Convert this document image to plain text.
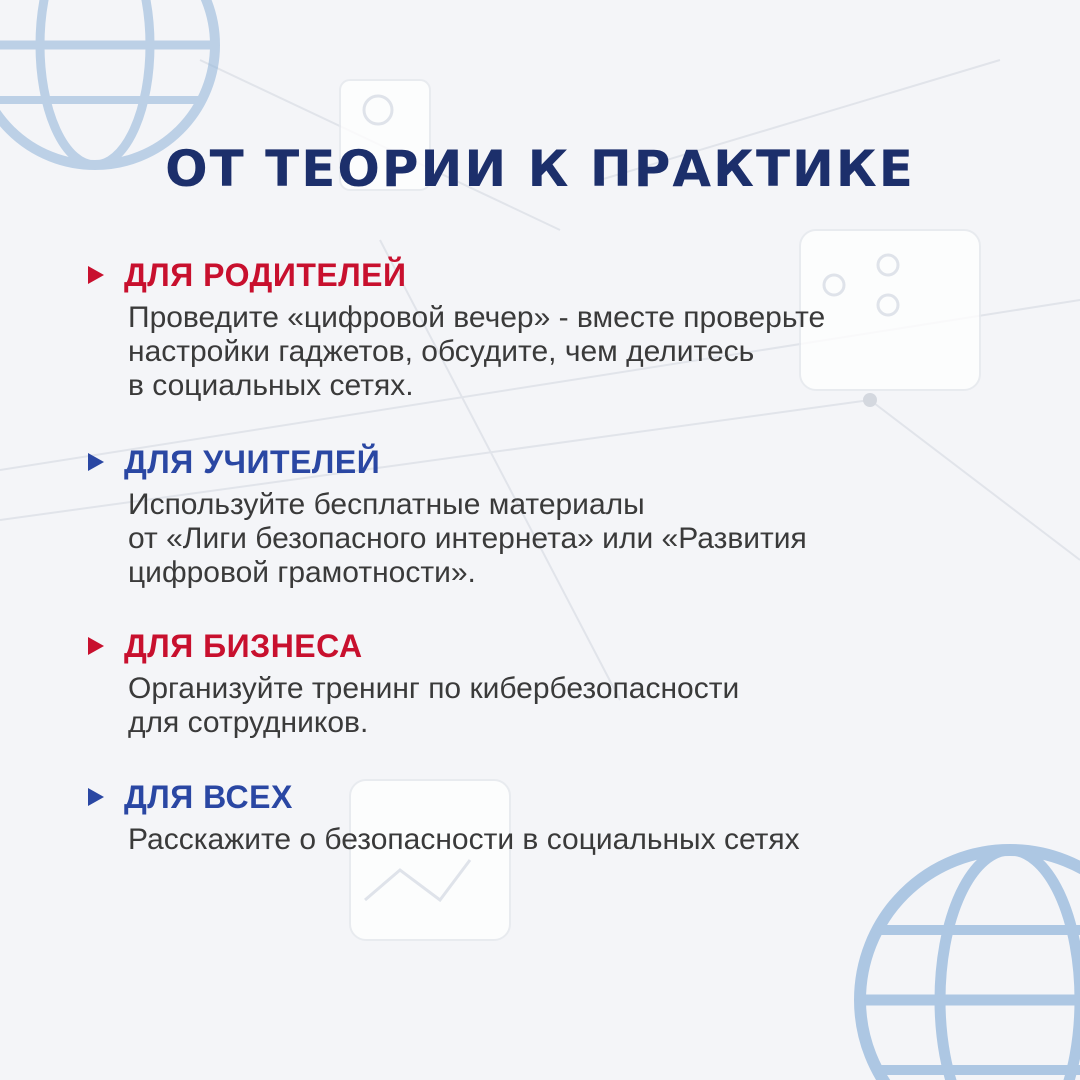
ОТ ТЕОРИИ К ПРАКТИКЕ
ДЛЯ РОДИТЕЛЕЙ
Проведите «цифровой вечер» - вместе проверьте
настройки гаджетов, обсудите, чем делитесь
в социальных сетях.
ДЛЯ УЧИТЕЛЕЙ
Используйте бесплатные материалы
от «Лиги безопасного интернета» или «Развития
цифровой грамотности».
ДЛЯ БИЗНЕСА
Организуйте тренинг по кибербезопасности
для сотрудников.
ДЛЯ ВСЕХ
Расскажите о безопасности в социальных сетях
